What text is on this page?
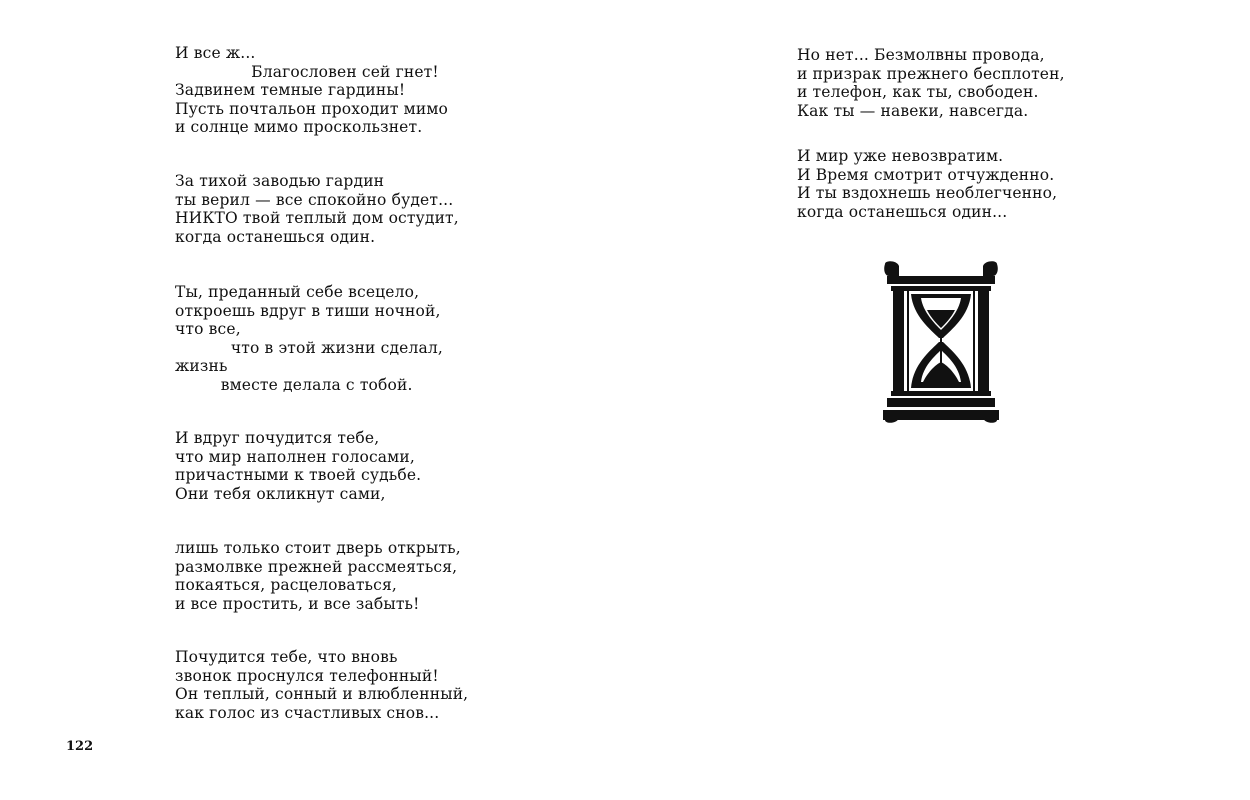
И все ж...
Благословен сей гнет!
Задвинем темные гардины!
Пусть почтальон проходит мимо
и солнце мимо проскользнет.
За тихой заводью гардин
ты верил — все спокойно будет...
НИКТО твой теплый дом остудит,
когда останешься один.
Ты, преданный себе всецело,
откроешь вдруг в тиши ночной,
что все,
что в этой жизни сделал,
жизнь
вместе делала с тобой.
И вдруг почудится тебе,
что мир наполнен голосами,
причастными к твоей судьбе.
Они тебя окликнут сами,
лишь только стоит дверь открыть,
размолвке прежней рассмеяться,
покаяться, расцеловаться,
и все простить, и все забыть!
Почудится тебе, что вновь
звонок проснулся телефонный!
Он теплый, сонный и влюбленный,
как голос из счастливых снов...
122
Но нет... Безмолвны провода,
и призрак прежнего бесплотен,
и телефон, как ты, свободен.
Как ты — навеки, навсегда.
И мир уже невозвратим.
И Время смотрит отчужденно.
И ты вздохнешь необлегченно,
когда останешься один...
